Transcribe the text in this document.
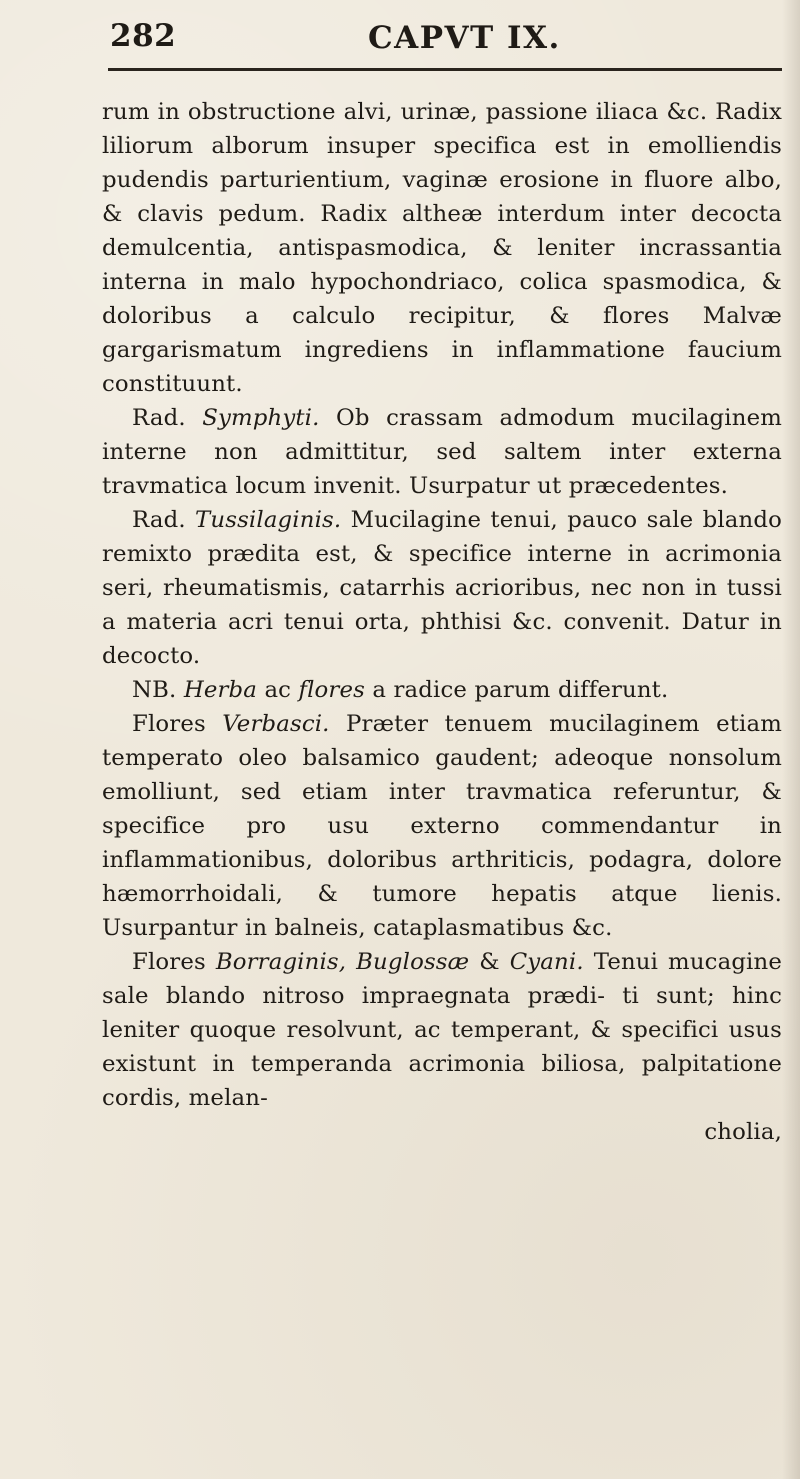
282	CAPVT IX.

rum in obstructione alvi, urinæ, passione iliaca &c. Radix liliorum alborum insuper specifica est in emolliendis pudendis parturientium, vaginæ erosione in fluore albo, & clavis pedum. Radix altheæ interdum inter decocta demulcentia, antispasmodica, & leniter incrassantia interna in malo hypochondriaco, colica spasmodica, & doloribus a calculo recipitur, & flores Malvæ gargarismatum ingrediens in inflammatione faucium constituunt.

Rad. Symphyti. Ob crassam admodum mucilaginem interne non admittitur, sed saltem inter externa travmatica locum invenit. Usurpatur ut præcedentes.

Rad. Tussilaginis. Mucilagine tenui, pauco sale blando remixto prædita est, & specifice interne in acrimonia seri, rheumatismis, catarrhis acrioribus, nec non in tussi a materia acri tenui orta, phthisi &c. convenit. Datur in decocto.

NB. Herba ac flores a radice parum differunt.

Flores Verbasci. Præter tenuem mucilaginem etiam temperato oleo balsamico gaudent; adeoque nonsolum emolliunt, sed etiam inter travmatica referuntur, & specifice pro usu externo commendantur in inflammationibus, doloribus arthriticis, podagra, dolore hæmorrhoidali, & tumore hepatis atque lienis. Usurpantur in balneis, cataplasmatibus &c.

Flores Borraginis, Buglossæ & Cyani. Tenui mucagine sale blando nitroso impraegnata prædi- ti sunt; hinc leniter quoque resolvunt, ac temperant, & specifici usus existunt in temperanda acrimonia biliosa, palpitatione cordis, melan-

cholia,
